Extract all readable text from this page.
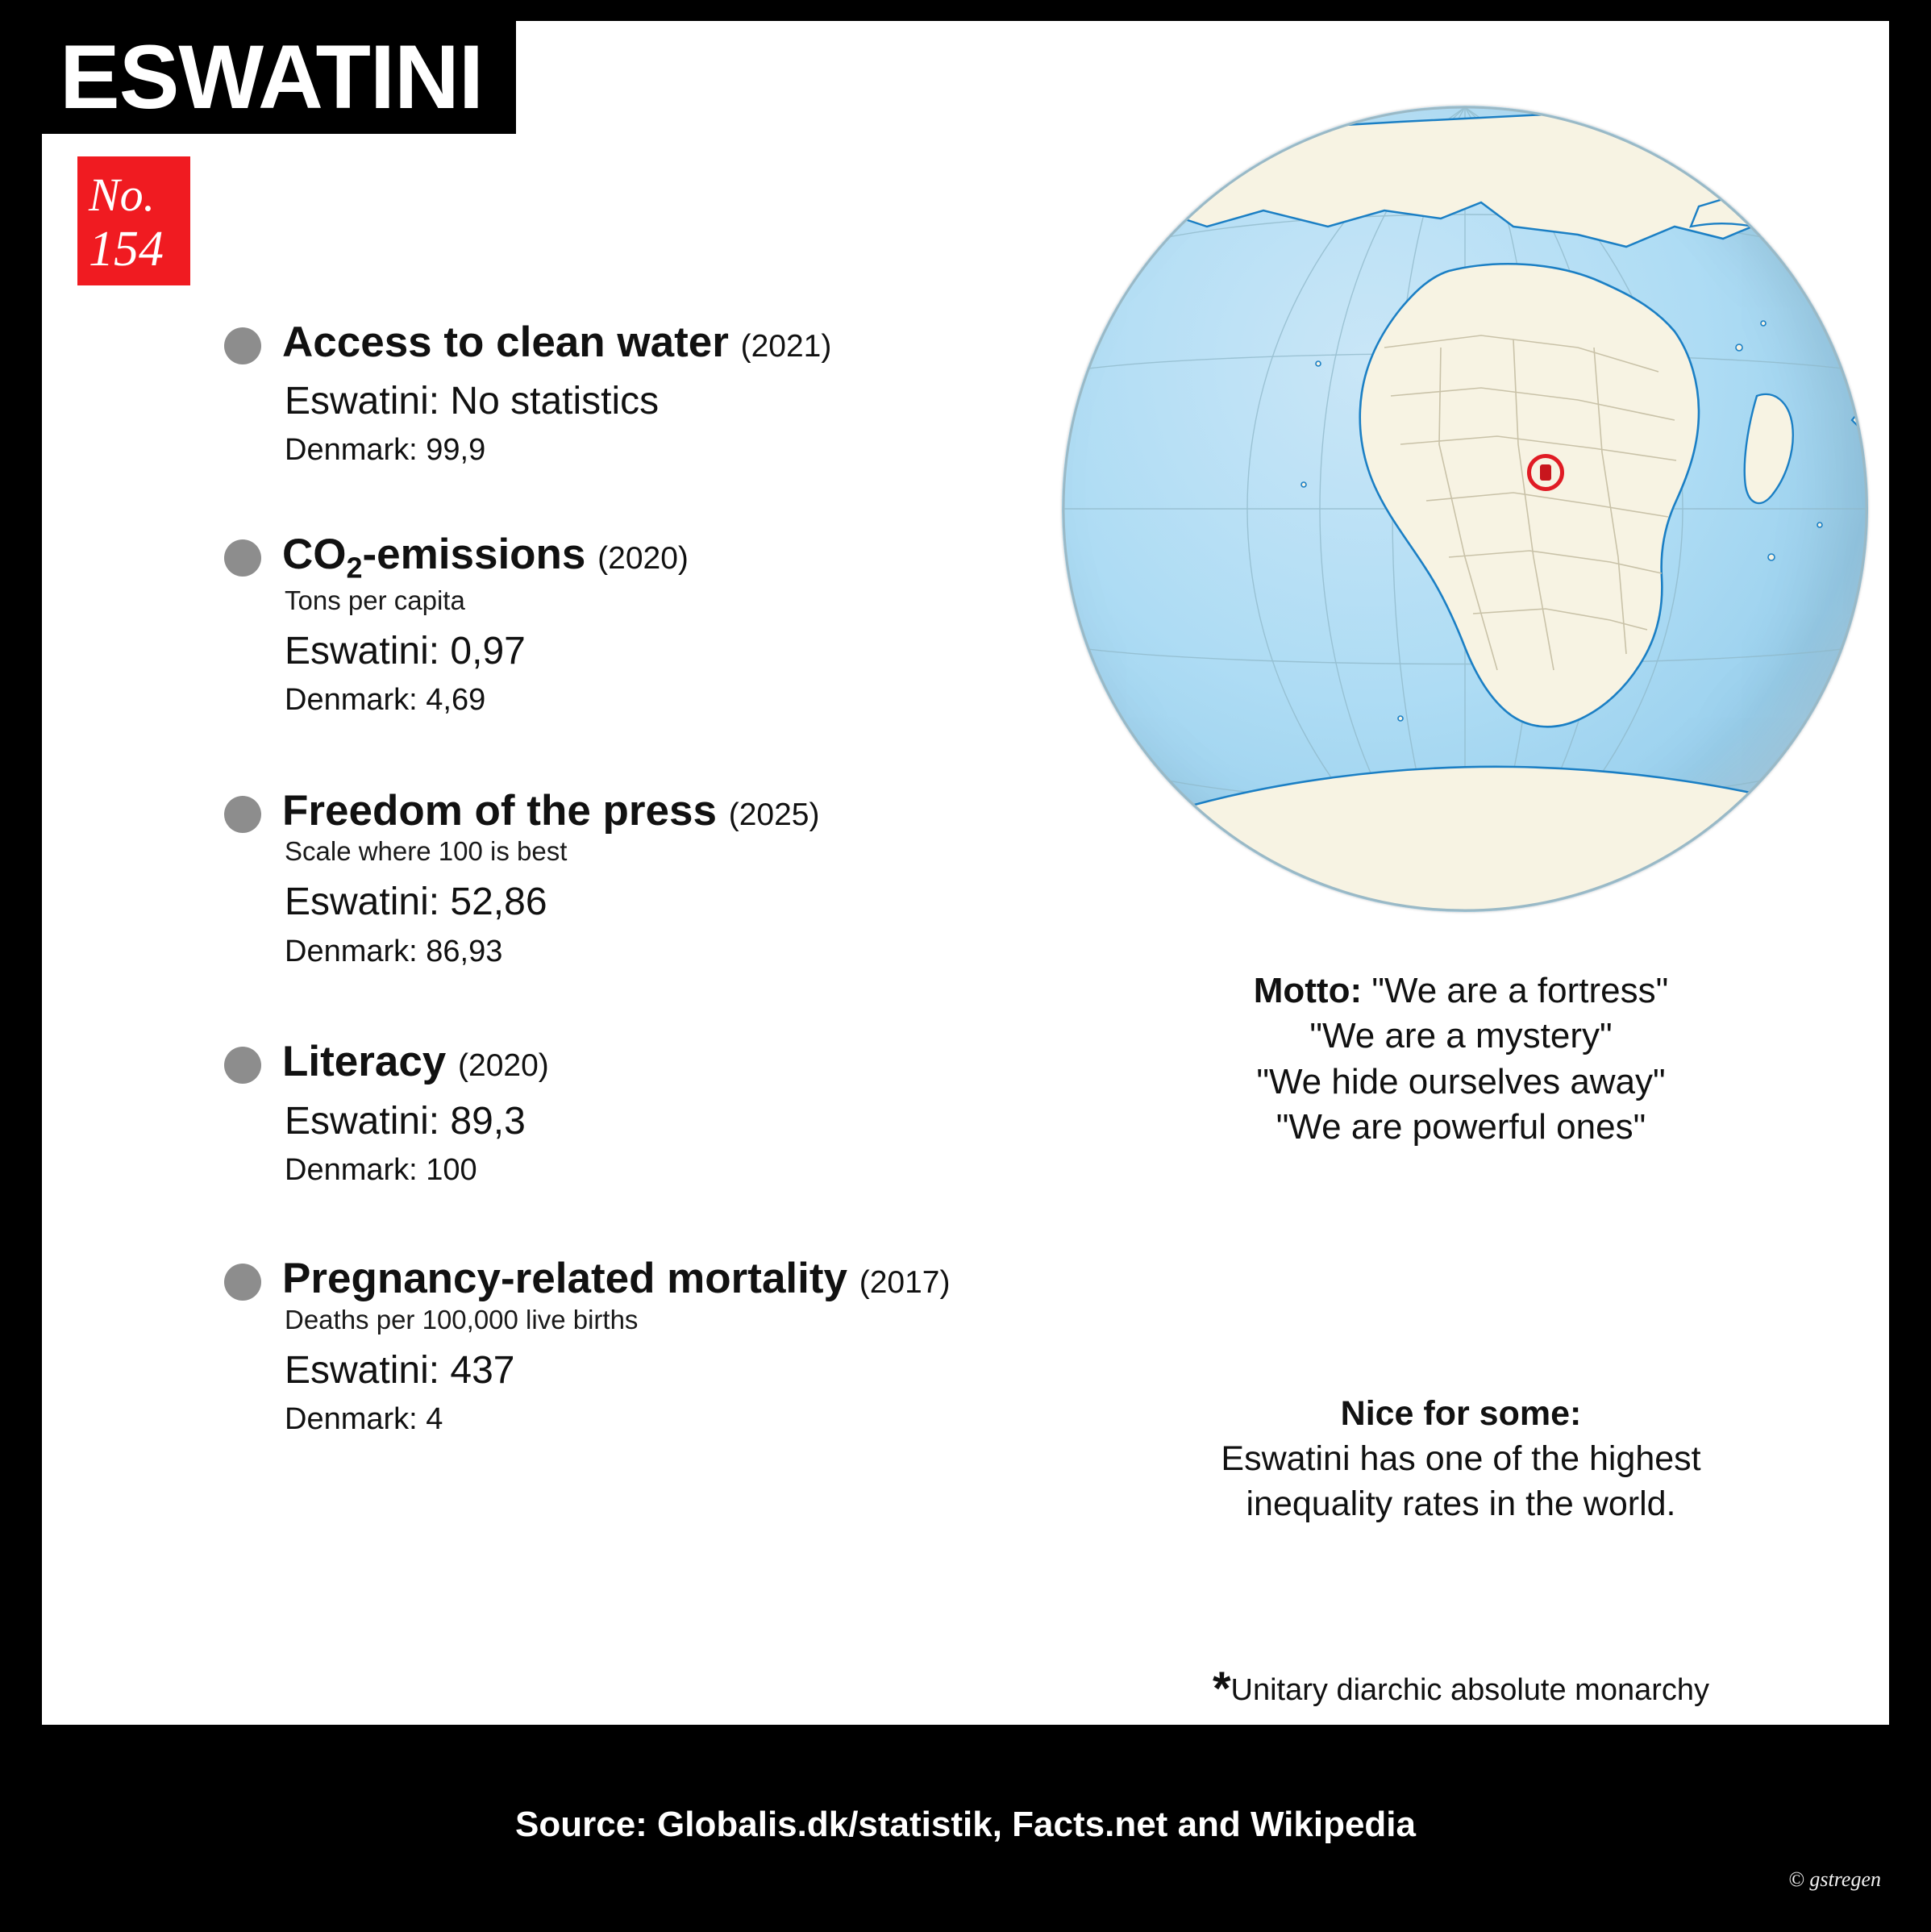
ESWATINI
No.
154
Access to clean water (2021)
Eswatini: No statistics
Denmark: 99,9
$CO_2$-emissions (2020)
Tons per capita
Eswatini: 0,97
Denmark: 4,69
Freedom of the press (2025)
Scale where 100 is best
Eswatini: 52,86
Denmark: 86,93
Literacy (2020)
Eswatini: 89,3
Denmark: 100
Pregnancy-related mortality (2017)
Deaths per 100,000 live births
Eswatini: 437
Denmark: 4
Motto: "We are a fortress"
"We are a mystery"
"We hide ourselves away"
"We are powerful ones"
Nice for some:
Eswatini has one of the highest inequality rates in the world.
*Unitary diarchic absolute monarchy
Source: Globalis.dk/statistik, Facts.net and Wikipedia
© gstregen
